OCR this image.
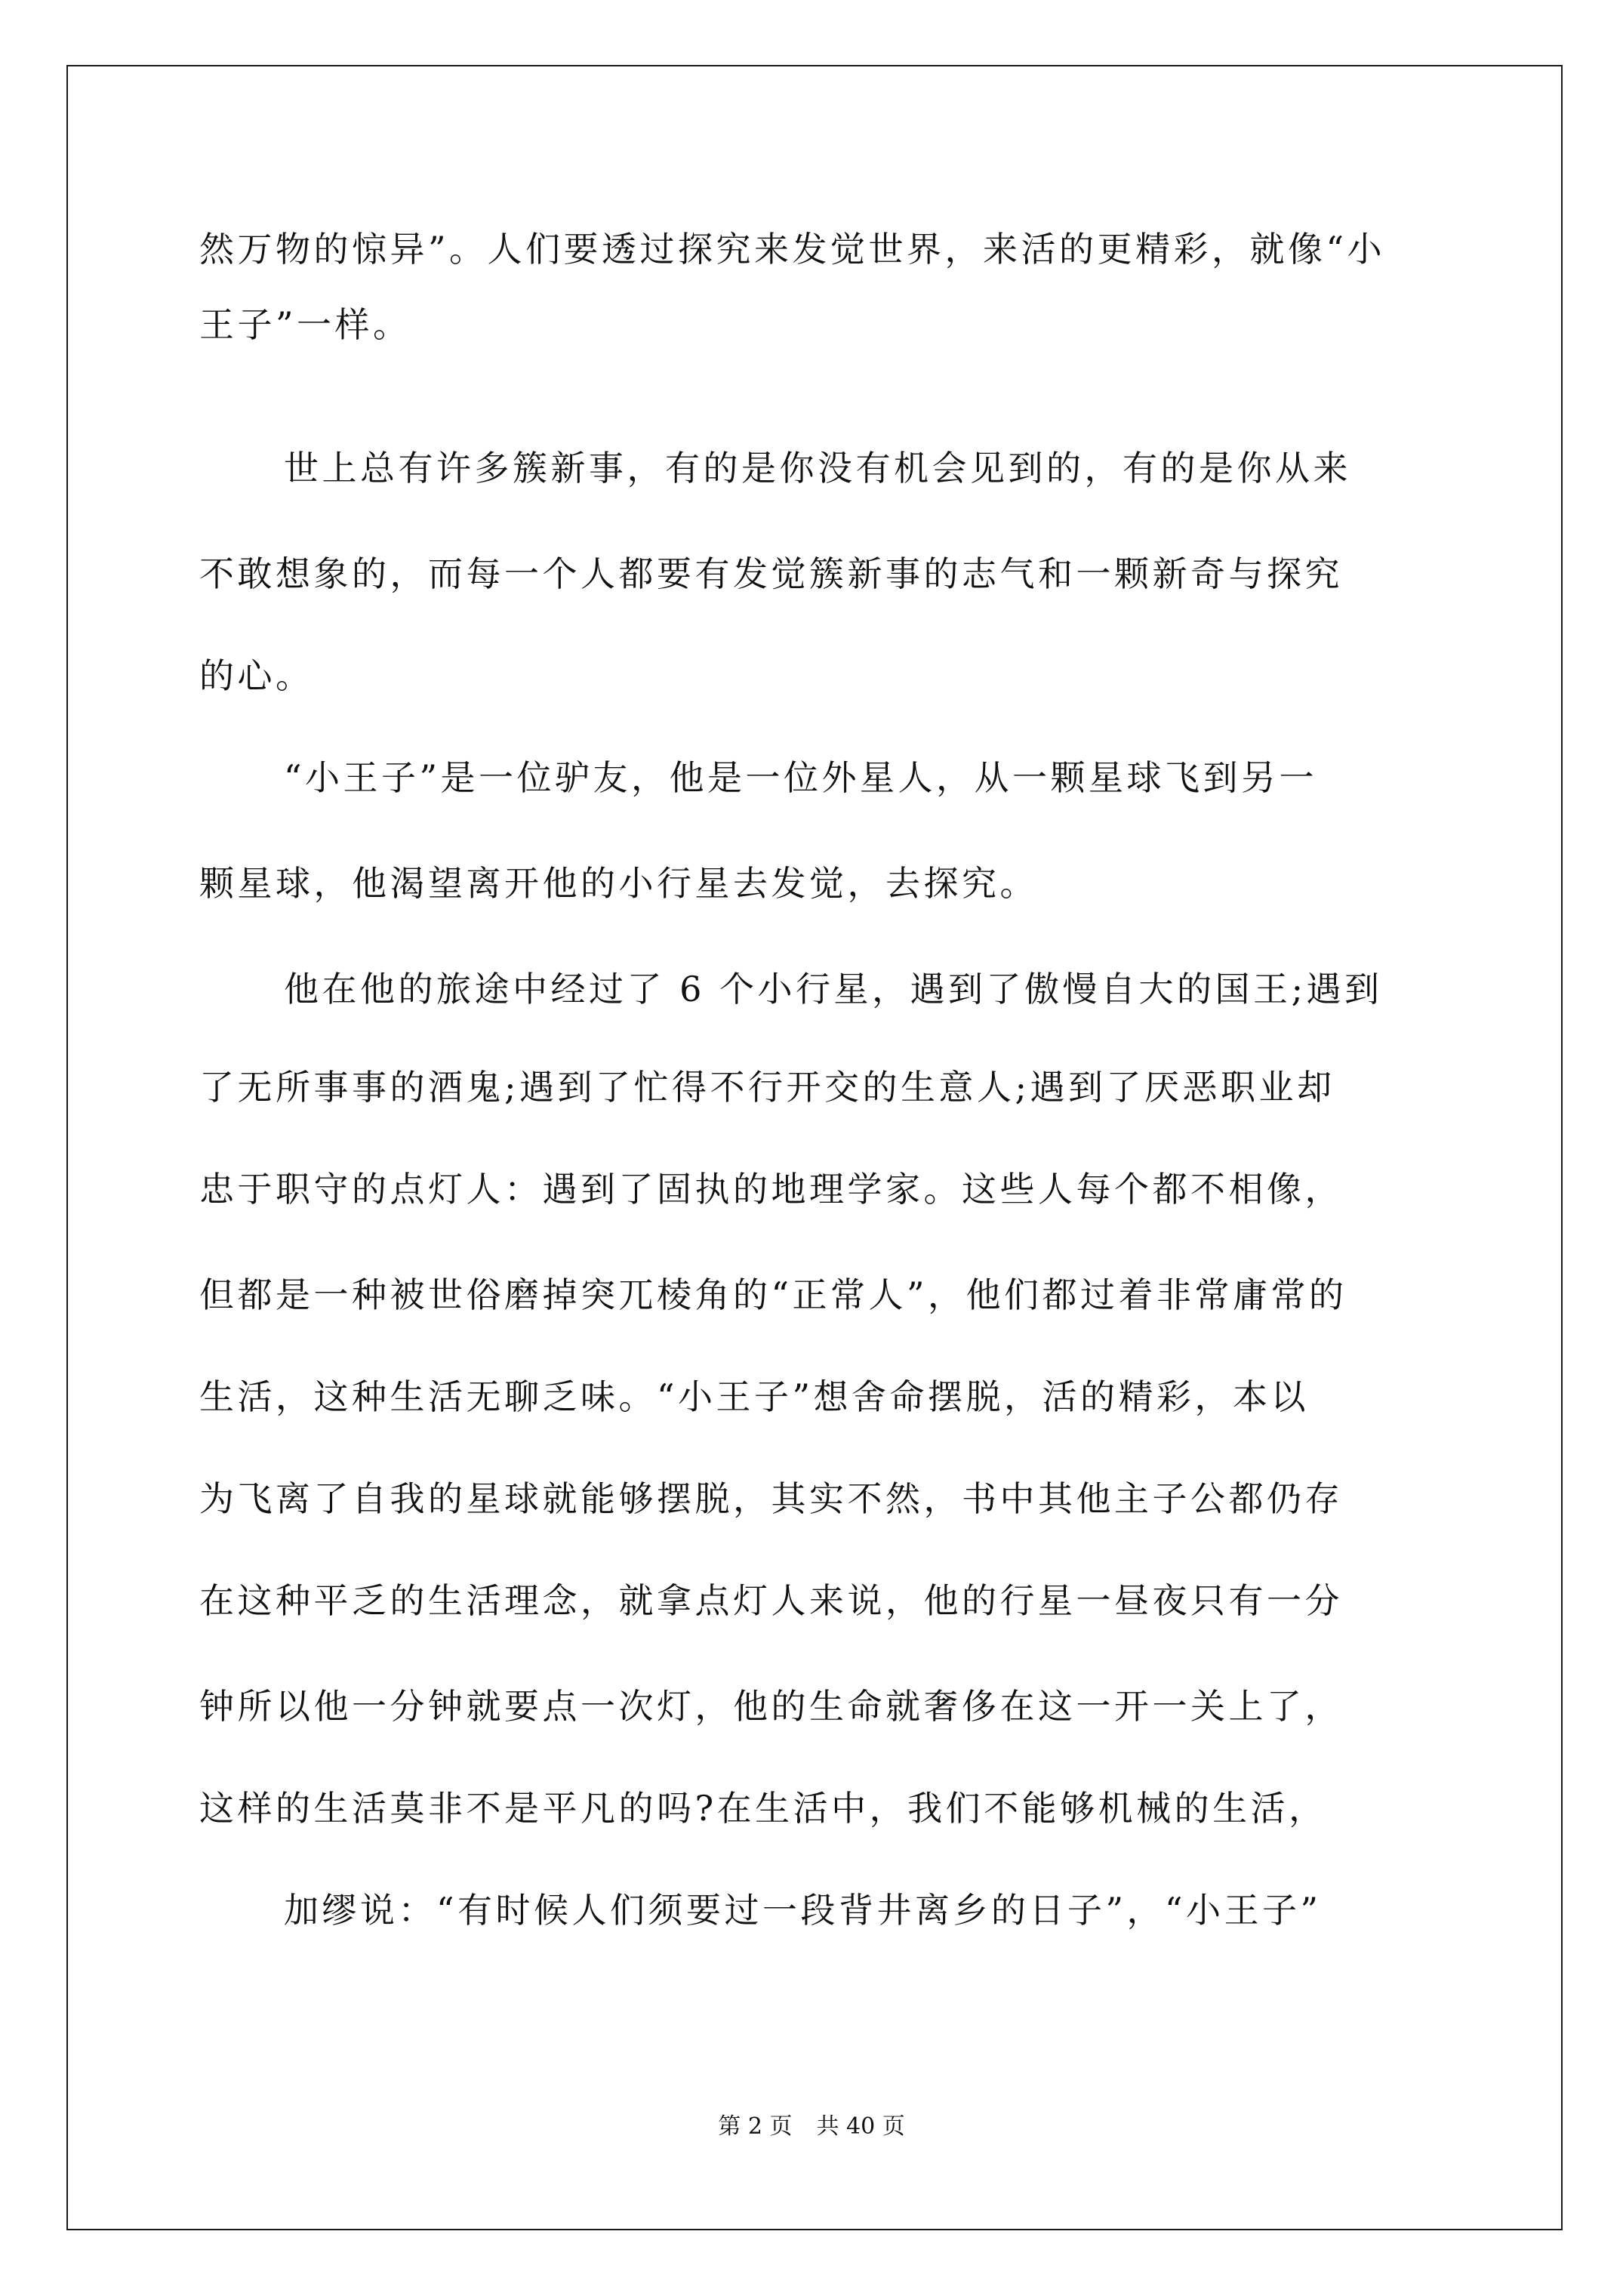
然万物的惊异”。人们要透过探究来发觉世界，来活的更精彩，就像“小
王子”一样。
世上总有许多簇新事，有的是你没有机会见到的，有的是你从来
不敢想象的，而每一个人都要有发觉簇新事的志气和一颗新奇与探究
的心。
“小王子”是一位驴友，他是一位外星人，从一颗星球飞到另一
颗星球，他渴望离开他的小行星去发觉，去探究。
他在他的旅途中经过了 6 个小行星，遇到了傲慢自大的国王;遇到
了无所事事的酒鬼;遇到了忙得不行开交的生意人;遇到了厌恶职业却
忠于职守的点灯人：遇到了固执的地理学家。这些人每个都不相像，
但都是一种被世俗磨掉突兀棱角的“正常人”，他们都过着非常庸常的
生活，这种生活无聊乏味。“小王子”想舍命摆脱，活的精彩，本以
为飞离了自我的星球就能够摆脱，其实不然，书中其他主子公都仍存
在这种平乏的生活理念，就拿点灯人来说，他的行星一昼夜只有一分
钟所以他一分钟就要点一次灯，他的生命就奢侈在这一开一关上了，
这样的生活莫非不是平凡的吗?在生活中，我们不能够机械的生活，
加缪说：“有时候人们须要过一段背井离乡的日子”，“小王子”
第 2 页 共 40 页
